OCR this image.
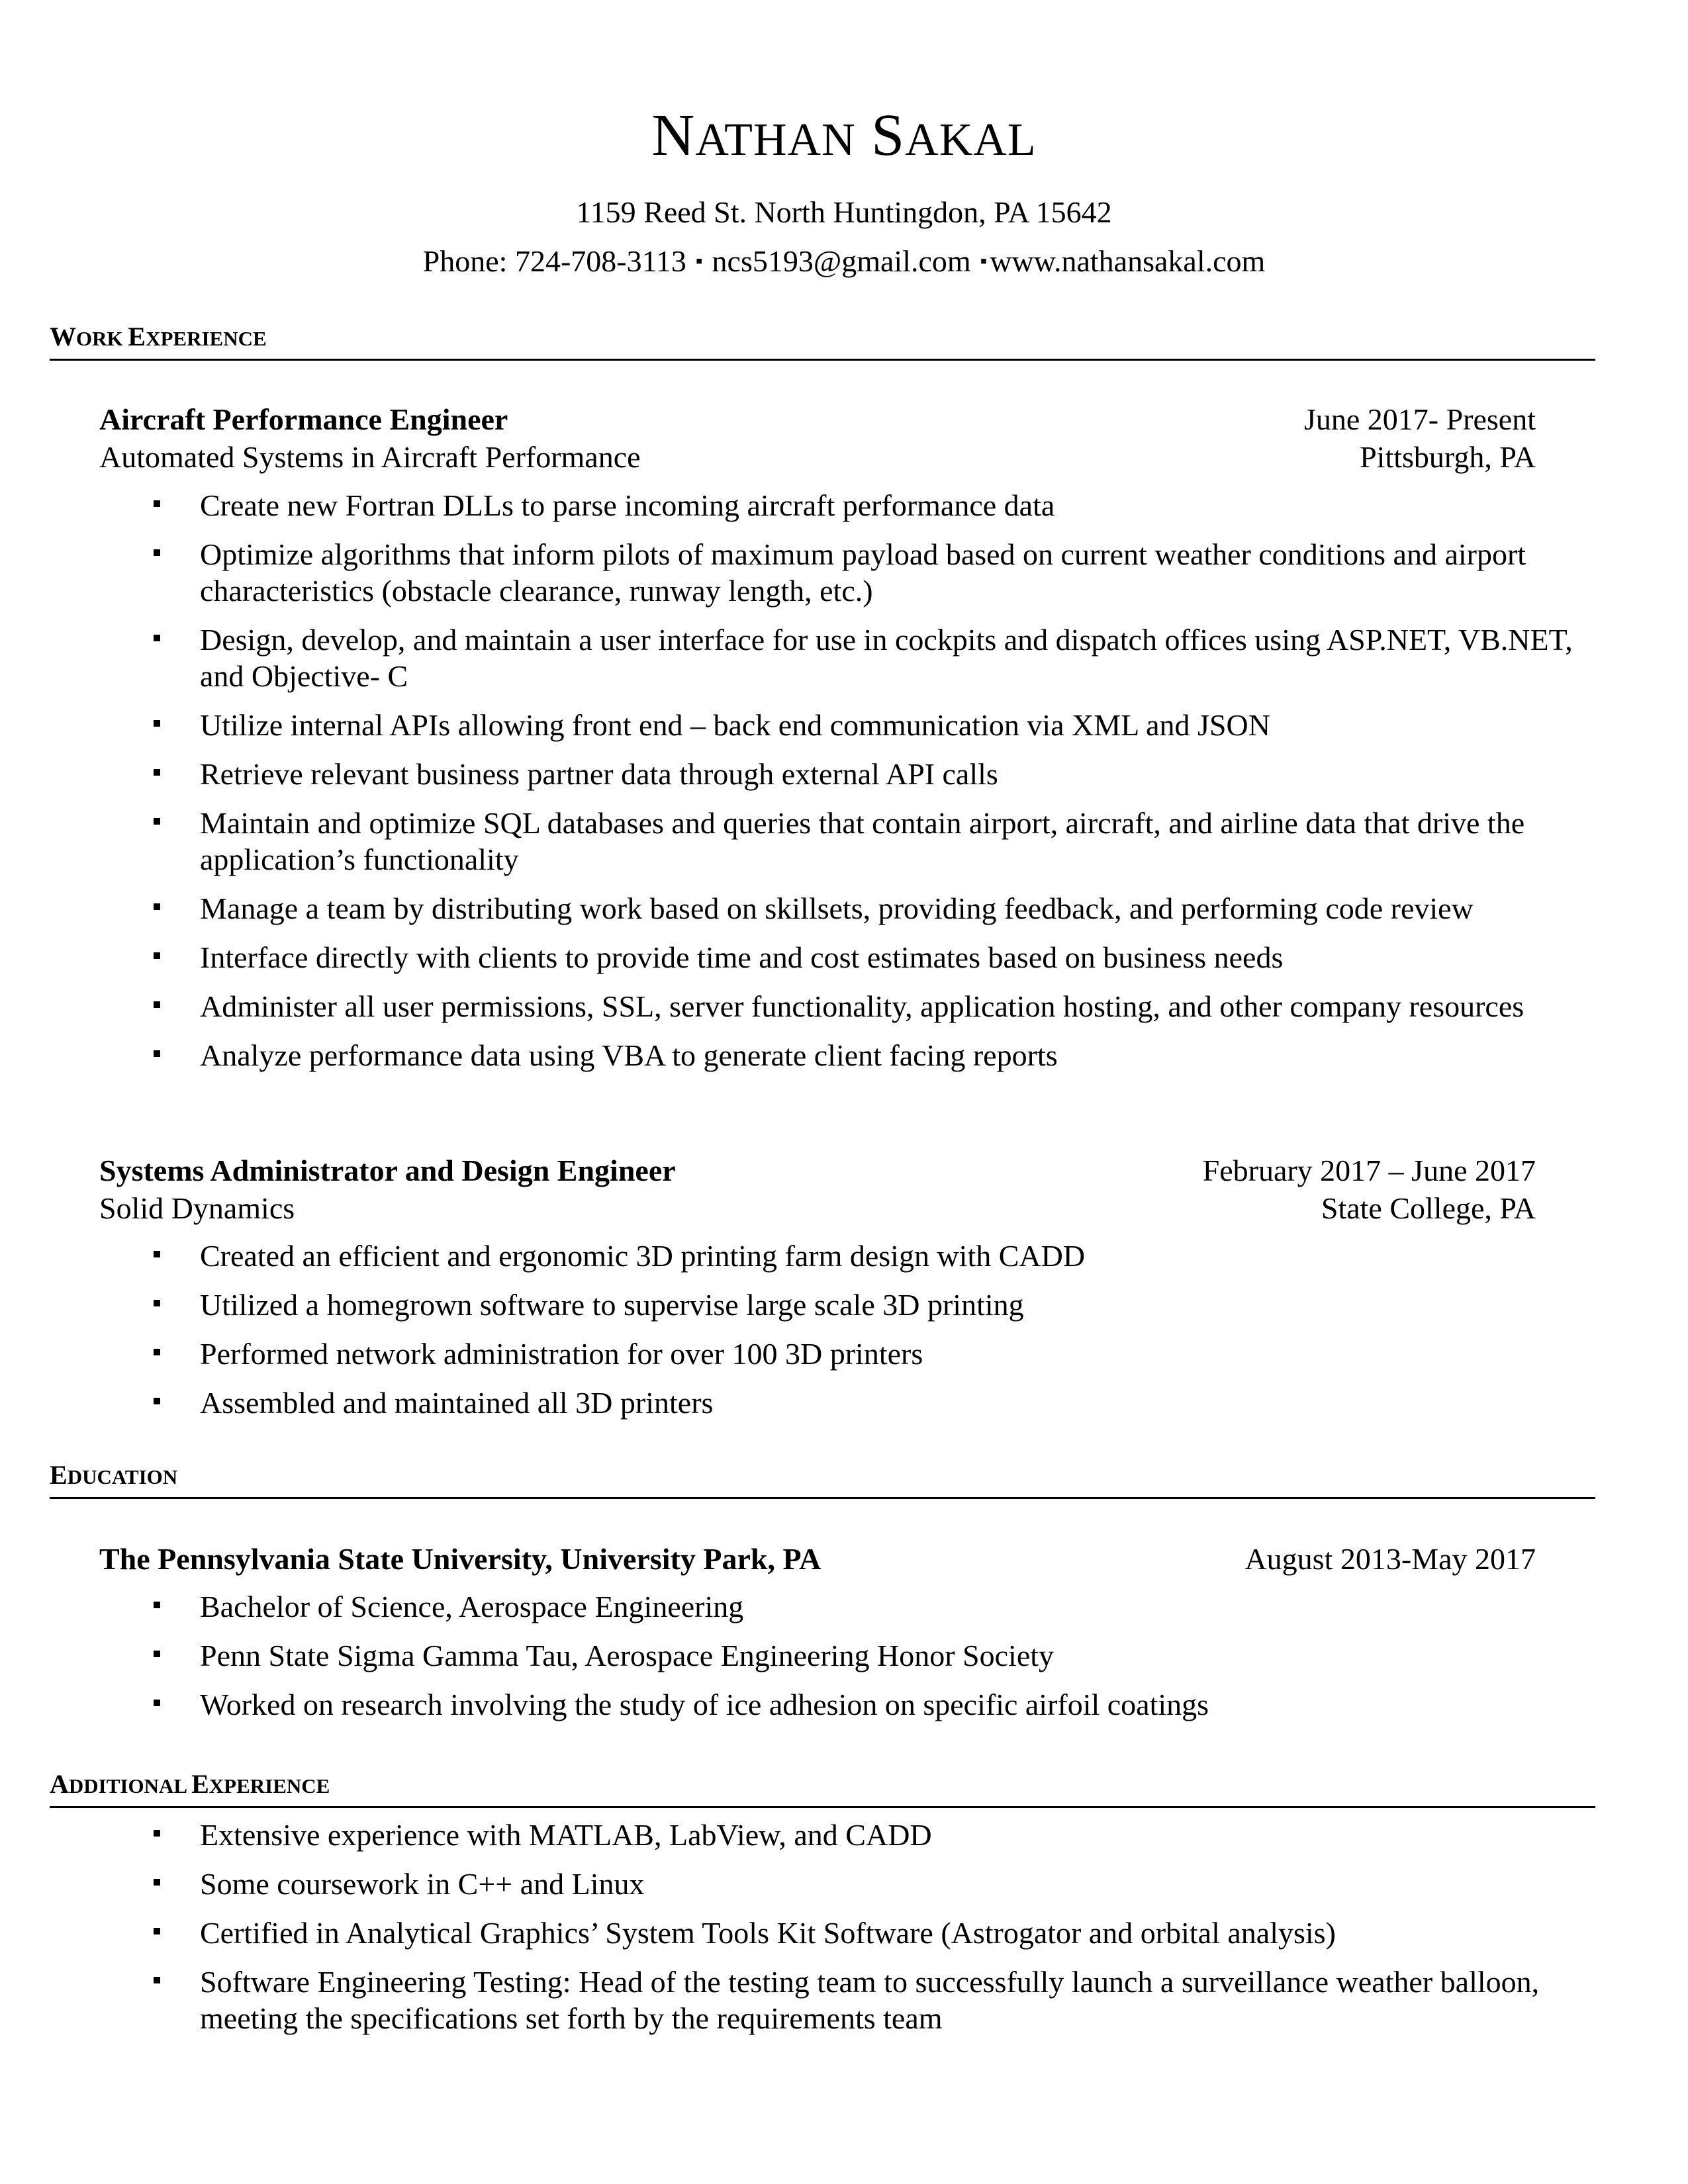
NATHAN SAKAL
1159 Reed St. North Huntingdon, PA 15642
Phone: 724-708-3113 ▪ ncs5193@gmail.com ▪www.nathansakal.com
WORK EXPERIENCE
Aircraft Performance Engineer	June 2017- Present
Automated Systems in Aircraft Performance	Pittsburgh, PA
Create new Fortran DLLs to parse incoming aircraft performance data
Optimize algorithms that inform pilots of maximum payload based on current weather conditions and airport characteristics (obstacle clearance, runway length, etc.)
Design, develop, and maintain a user interface for use in cockpits and dispatch offices using ASP.NET, VB.NET, and Objective- C
Utilize internal APIs allowing front end – back end communication via XML and JSON
Retrieve relevant business partner data through external API calls
Maintain and optimize SQL databases and queries that contain airport, aircraft, and airline data that drive the application’s functionality
Manage a team by distributing work based on skillsets, providing feedback, and performing code review
Interface directly with clients to provide time and cost estimates based on business needs
Administer all user permissions, SSL, server functionality, application hosting, and other company resources
Analyze performance data using VBA to generate client facing reports
Systems Administrator and Design Engineer	February 2017 – June 2017
Solid Dynamics	State College, PA
Created an efficient and ergonomic 3D printing farm design with CADD
Utilized a homegrown software to supervise large scale 3D printing
Performed network administration for over 100 3D printers
Assembled and maintained all 3D printers
EDUCATION
The Pennsylvania State University, University Park, PA	August 2013-May 2017
Bachelor of Science, Aerospace Engineering
Penn State Sigma Gamma Tau, Aerospace Engineering Honor Society
Worked on research involving the study of ice adhesion on specific airfoil coatings
ADDITIONAL EXPERIENCE
Extensive experience with MATLAB, LabView, and CADD
Some coursework in C++ and Linux
Certified in Analytical Graphics’ System Tools Kit Software (Astrogator and orbital analysis)
Software Engineering Testing: Head of the testing team to successfully launch a surveillance weather balloon, meeting the specifications set forth by the requirements team
